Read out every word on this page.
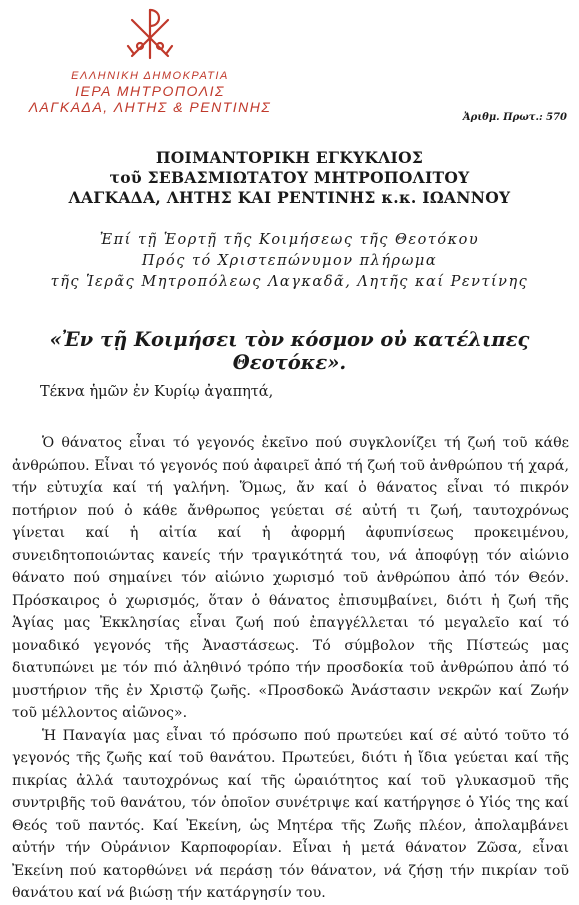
ΕΛΛΗΝΙΚΗ ΔΗΜΟΚΡΑΤΙΑ
ΙΕΡΑ ΜΗΤΡΟΠΟΛΙΣ
ΛΑΓΚΑΔΑ, ΛΗΤΗΣ & ΡΕΝΤΙΝΗΣ
Ἀριθμ. Πρωτ.: 570
ΠΟΙΜΑΝΤΟΡΙΚΗ ΕΓΚΥΚΛΙΟΣ
τοῦ ΣΕΒΑΣΜΙΩΤΑΤΟΥ ΜΗΤΡΟΠΟΛΙΤΟΥ
ΛΑΓΚΑΔΑ, ΛΗΤΗΣ ΚΑΙ ΡΕΝΤΙΝΗΣ κ.κ. ΙΩΑΝΝΟΥ
Ἐπί τῇ Ἑορτῇ τῆς Κοιμήσεως τῆς Θεοτόκου
Πρός τό Χριστεπώνυμον πλήρωμα
τῆς Ἱερᾶς Μητροπόλεως Λαγκαδᾶ, Λητῆς καί Ρεντίνης
«Ἐν τῇ Κοιμήσει τὸν κόσμον οὐ κατέλιπες Θεοτόκε».
Τέκνα ἡμῶν ἐν Κυρίῳ ἀγαπητά,

Ὁ θάνατος εἶναι τό γεγονός ἐκεῖνο πού συγκλονίζει τή ζωή τοῦ κάθε ἀνθρώπου. Εἶναι τό γεγονός πού ἀφαιρεῖ ἀπό τή ζωή τοῦ ἀνθρώπου τή χαρά, τήν εὐτυχία καί τή γαλήνη. Ὅμως, ἄν καί ὁ θάνατος εἶναι τό πικρόν ποτήριον πού ὁ κάθε ἄνθρωπος γεύεται σέ αὐτή τι ζωή, ταυτοχρόνως γίνεται καί ἡ αἰτία καί ἡ ἀφορμή ἀφυπνίσεως προκειμένου, συνειδητοποιώντας κανείς τήν τραγικότητά του, νά ἀποφύγῃ τόν αἰώνιο θάνατο πού σημαίνει τόν αἰώνιο χωρισμό τοῦ ἀνθρώπου ἀπό τόν Θεόν. Πρόσκαιρος ὁ χωρισμός, ὅταν ὁ θάνατος ἐπισυμβαίνει, διότι ἡ ζωή τῆς Ἁγίας μας Ἐκκλησίας εἶναι ζωή πού ἐπαγγέλλεται τό μεγαλεῖο καί τό μοναδικό γεγονός τῆς Ἀναστάσεως. Τό σύμβολον τῆς Πίστεώς μας διατυπώνει με τόν πιό ἀληθινό τρόπο τήν προσδοκία τοῦ ἀνθρώπου ἀπό τό μυστήριον τῆς ἐν Χριστῷ ζωῆς. «Προσδοκῶ Ἀνάστασιν νεκρῶν καί Ζωήν τοῦ μέλλοντος αἰῶνος».

Ἡ Παναγία μας εἶναι τό πρόσωπο πού πρωτεύει καί σέ αὐτό τοῦτο τό γεγονός τῆς ζωῆς καί τοῦ θανάτου. Πρωτεύει, διότι ἡ ἴδια γεύεται καί τῆς πικρίας ἀλλά ταυτοχρόνως καί τῆς ὡραιότητος καί τοῦ γλυκασμοῦ τῆς συντριβῆς τοῦ θανάτου, τόν ὁποῖον συνέτριψε καί κατήργησε ὁ Υἱός της καί Θεός τοῦ παντός. Καί Ἐκείνη, ὡς Μητέρα τῆς Ζωῆς πλέον, ἀπολαμβάνει αὐτήν τήν Οὐράνιον Καρποφορίαν. Εἶναι ἡ μετά θάνατον Ζῶσα, εἶναι Ἐκείνη πού κατορθώνει νά περάσῃ τόν θάνατον, νά ζήσῃ τήν πικρίαν τοῦ θανάτου καί νά βιώσῃ τήν κατάργησίν του.
